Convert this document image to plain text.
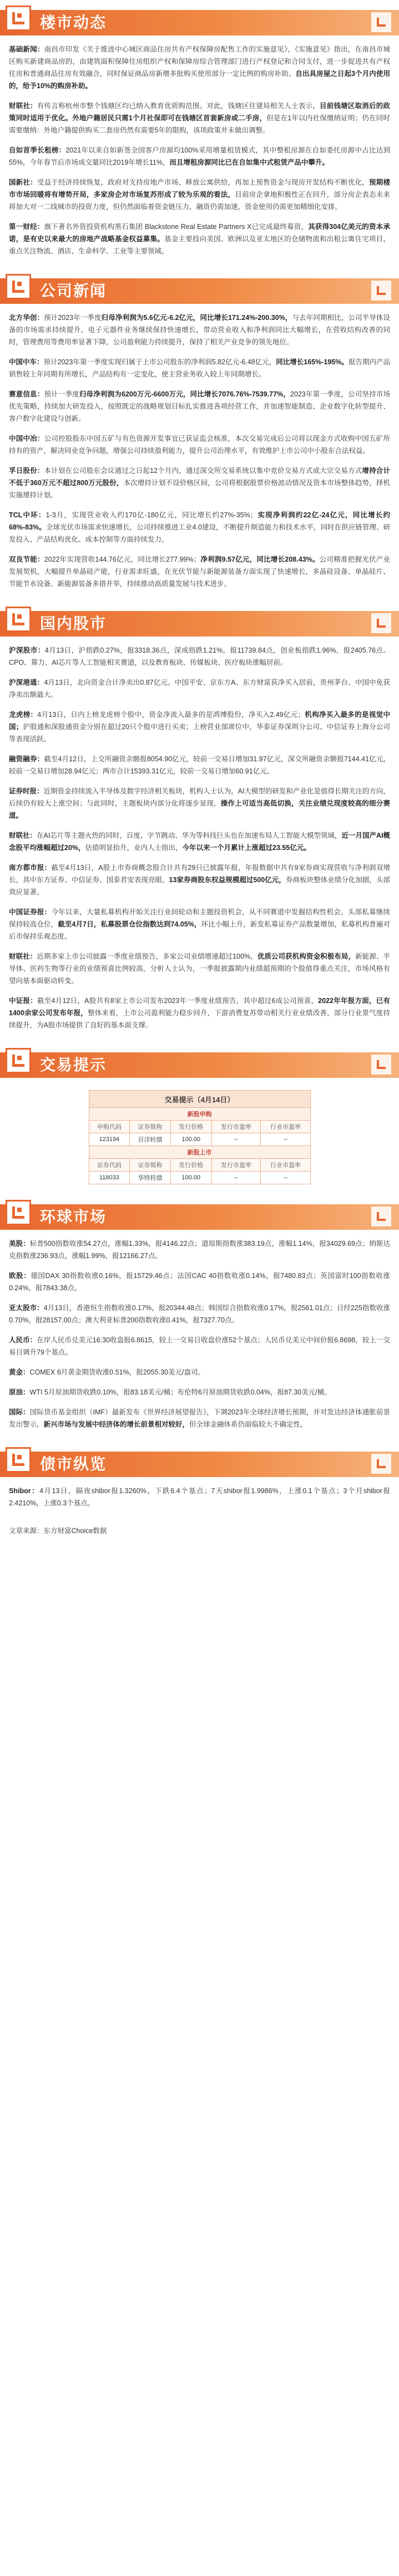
楼市动态

基础新闻：南昌市印发《关于推进中心城区商品住房共有产权保障房配售工作的实施意见》，《实施意见》指出，在南昌市城区购买新建商品房的，由建筑面积保障住房组织产权和保障房综合管理部门进行产权登记和合同支付，进一步促进共有产权住房和普通商品住房有效融合，同时保证商品房新增多批购买使用部分一定比例的购房补助。自出具房屋之日起3个月内使用的，给予10%的购房补助。

财联社：有传言称杭州市整个钱塘区均已纳入教育优质购范围。对此，钱塘区住建局相关人士表示，目前钱塘区取消后的政策同时适用于优化。外地户籍居民只需1个月社保即可在钱塘区首套新房或二手房，但是在1年以内社保缴纳证明；仍在同时需要缴纳：外地户籍提供购买二套房仍然有需要5年的限购，该项政策并未做出调整。

自如首季长租榜：2021年以来自如新签全国客户房源均100%采用增量租赁模式，其中整租房源在自如委托房源中占比达到55%，今年春节后市场成交量同比2019年增长11%，而且增租房源同比已在自如集中式租赁产品中攀升。

国新社：受益于经济持续恢复，政府对支持房地产市场、释放公寓供给，再加上预售资金与现房开发结构不断优化，预期楼市市场回暖将有增势开局，多家房企对市场复苏形成了较为乐观的看法，目前房企拿地积极性正在回升，部分房企表态未来将加大对一二线城市的投资力度，但仍然面临着资金链压力，融资仍需加速，资金使用仍需更加精细化安排。

第一财经：旗下著名外资投资机构黑石集团 Blackstone Real Estate Partners X已完成最终募资，其获得304亿美元的资本承诺，是有史以来最大的房地产战略基金权益募集。基金主要投向美国、欧洲以及亚太地区的仓储物流和出租公寓住宅项目，重点关注物流、酒店、生命科学、工业等主要领域。

公司新闻

北方华创：预计2023年一季度归母净利润为5.6亿元-6.2亿元，同比增长171.24%-200.30%，与去年同期相比，公司半导体设备的市场需求持续提升，电子元器件业务继续保持快速增长，带动营业收入和净利润同比大幅增长，在营收结构改善的同时，管理费用等费用率显著下降，公司盈利能力持续提升，保持了相关产业竞争的领先地位。

中国中车：预计2023年第一季度实现归属于上市公司股东的净利润5.82亿元-6.48亿元，同比增长165%-195%。报告期内产品销售较上年同期有所增长，产品结构有一定变化，使主营业务收入较上年同期增长。

赛意信息：预计一季度归母净利润为6200万元-6600万元，同比增长7076.76%-7539.77%，2023年第一季度，公司坚持市场优先策略，持续加大研发投入，按照既定的战略规划目标扎实推进各项经营工作，并加速智能制造、企业数字化转型提升、客户数字化建设与创新。

中国中冶：公司控股股东中国五矿与有色资源开发事宜已获证监会核准，本次交易完成后公司将以现金方式收购中国五矿所持有的资产，解决同业竞争问题，增强公司持续盈利能力，提升公司治理水平，有效维护上市公司中小股东合法权益。

孚日股份：本计划在公司股东会议通过之日起12个月内，通过深交所交易系统以集中竞价交易方式或大宗交易方式增持合计不低于360万元不超过800万元股份，本次增持计划不设价格区间，公司将根据股票价格波动情况及资本市场整体趋势，择机实施增持计划。

TCL中环：1-3月，实现营业收入约170亿-180亿元，同比增长约27%-35%；实现净利润约22亿-24亿元，同比增长约68%-83%。全球光伏市场需求快速增长，公司持续推进工业4.0建设，不断提升制造能力和技术水平，同时在供应链管理、研发投入、产品结构优化、成本控制等方面持续发力。

双良节能：2022年实现营收144.76亿元，同比增长277.99%；净利润9.57亿元，同比增长208.43%。公司精准把握光伏产业发展契机，大幅提升单晶硅产能，行业需求旺盛，在光伏节能与新能源装备方面实现了快速增长，多晶硅设备、单晶硅片、节能节水设备、新能源装备多措并举，持续推动高质量发展与技术进步。

国内股市

沪深股市：4月13日，沪指跌0.27%，报3318.36点，深成指跌1.21%，报11739.84点，创业板指跌1.96%，报2405.76点。CPO、算力、AI芯片等人工智能相关赛道，以及教育板块、传媒板块、医疗板块涨幅居前。

沪深港通：4月13日，北向资金合计净卖出0.87亿元。中国平安、京东方A、东方财富获净买入居前，贵州茅台、中国中免获净卖出额最大。

龙虎榜：4月13日，日内上榜龙虎榜个股中，资金净流入最多的是鸿博股份，净买入2.49亿元；机构净买入最多的是视觉中国；沪股通和深股通资金分别在超过20只个股中进行买卖；上榜营业部席位中，华泰证券深圳分公司、中信证券上海分公司等表现活跃。

融资融券：截至4月12日，上交所融资余额报8054.90亿元，较前一交易日增加31.97亿元，深交所融资余额报7144.41亿元，较前一交易日增加28.94亿元；两市合计15393.31亿元，较前一交易日增加60.91亿元。

证券时报：近期资金持续流入半导体及数字经济相关板块，机构人士认为，AI大模型的研发和产业化是值得长期关注的方向，后续仍有较大上涨空间；与此同时，主题板块内部分化将逐步显现，操作上可适当高低切换，关注业绩兑现度较高的细分赛道。

财联社：在AI芯片等主题火热的同时，百度、字节跳动、华为等科技巨头也在加速布局人工智能大模型领域，近一月国产AI概念股平均涨幅超过20%，估值明显抬升，业内人士指出，今年以来一个月累计上涨超过23.55亿元。

南方都市报：截至4月13日，A股上市券商概念股合计共有29只已披露年报，年报数据中共有9家券商实现营收与净利润双增长，其中东方证券、中信证券、国泰君安表现亮眼。13家券商股东权益规模超过500亿元，券商板块整体业绩分化加剧，头部效应显著。

中国证券报：今年以来，大量私募机构开始关注行业间轮动和主题投资机会，从不同赛道中发掘结构性机会，头部私募继续保持较高仓位，截至4月7日，私募股票仓位指数达到74.05%，环比小幅上升，新发私募证券产品数量增加，私募机构普遍对后市保持乐观态度。

财联社：近期多家上市公司披露一季度业绩预告，多家公司业绩增速超过100%，优质公司获机构资金积极布局，新能源、半导体、医药生物等行业的业绩预喜比例较高，分析人士认为，一季报披露期内业绩超预期的个股值得重点关注，市场风格有望向基本面驱动转变。

中证报：截至4月12日，A股共有8家上市公司发布2023年一季度业绩预告，其中超过6成公司预喜，2022年年报方面，已有1400余家公司发布年报，整体来看，上市公司盈利能力稳步回升，下游消费复苏带动相关行业业绩改善，部分行业景气度持续提升，为A股市场提供了良好的基本面支撑。

交易提示
交易提示（4月14日）				
新股申购				
申购代码	证券简称	发行价格	发行市盈率	行业市盈率
123194	百洋转债	100.00	--	--
新股上市				
证券代码	证券简称	发行价格	发行市盈率	行业市盈率
118033	华特转债	100.00	--	--
环球市场

美股：标普500指数收涨54.27点，涨幅1.33%，报4146.22点；道琼斯指数涨383.19点，涨幅1.14%，报34029.69点；纳斯达克指数涨236.93点，涨幅1.99%，报12166.27点。

欧股：德国DAX 30指数收涨0.16%，报15729.46点；法国CAC 40指数收涨0.14%，报7480.83点；英国富时100指数收涨0.24%，报7843.38点。

亚太股市：4月13日，香港恒生指数收涨0.17%，报20344.48点；韩国综合指数收涨0.17%，报2561.01点；日经225指数收涨0.70%，报28157.00点；澳大利亚标普200指数收涨0.41%，报7327.70点。

人民币：在岸人民币兑美元16:30收盘报6.8615，较上一交易日收盘价涨52个基点；人民币兑美元中间价报6.8698，较上一交易日调升79个基点。

黄金：COMEX 6月黄金期货收涨0.51%，报2055.30美元/盎司。

原油：WTI 5月原油期货收跌0.10%，报83.18美元/桶；布伦特6月原油期货收跌0.04%，报87.30美元/桶。

国际：国际货币基金组织（IMF）最新发布《世界经济展望报告》，下调2023年全球经济增长预期，并对发达经济体通胀前景发出警示，新兴市场与发展中经济体的增长前景相对较好，但全球金融体系仍面临较大不确定性。

债市纵览

Shibor：4月13日，隔夜shibor报1.3260%，下跌6.4个基点；7天shibor报1.9986%，上涨0.1个基点；3个月shibor报2.4210%，上涨0.3个基点。

文章来源：东方财富Choice数据
